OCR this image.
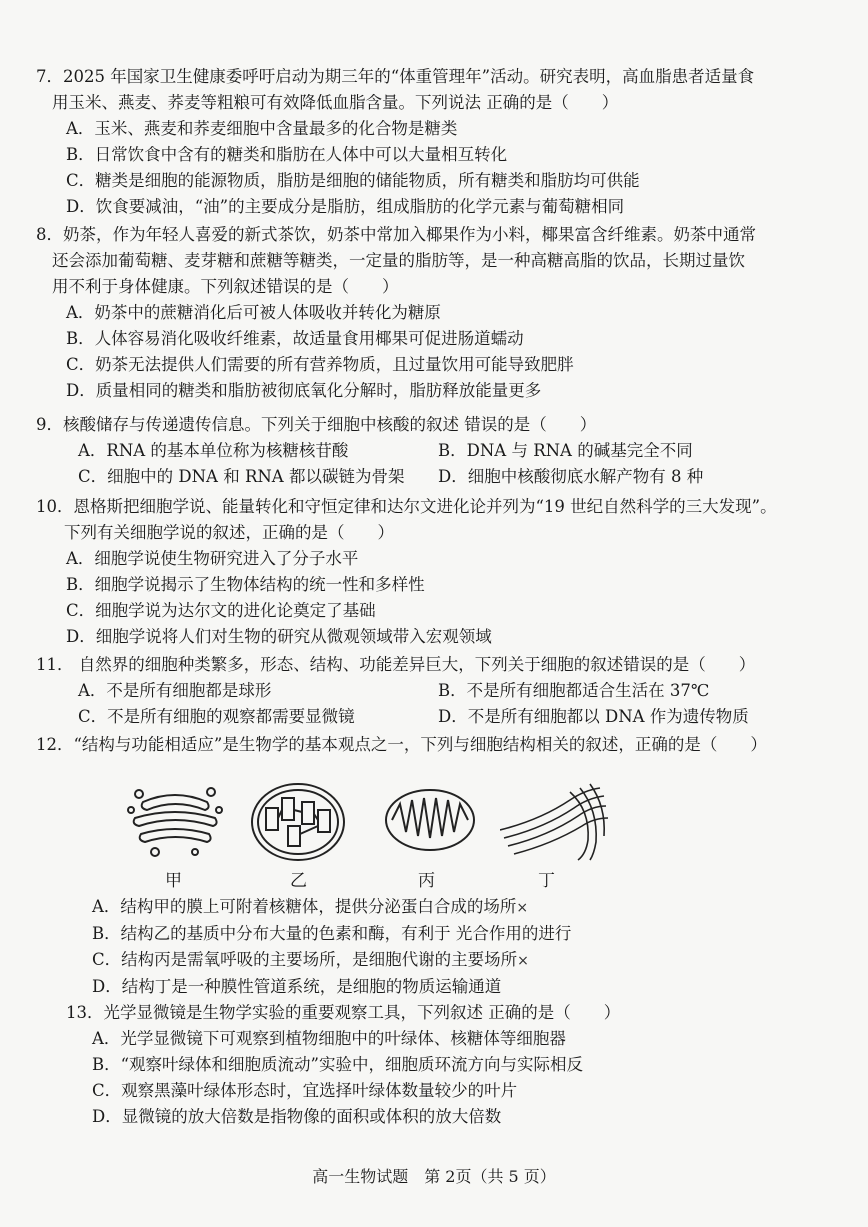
7．2025 年国家卫生健康委呼吁启动为期三年的“体重管理年”活动。研究表明，高血脂患者适量食

用玉米、燕麦、荞麦等粗粮可有效降低血脂含量。下列说法 正确的是（　　）

A．玉米、燕麦和荞麦细胞中含量最多的化合物是糖类

B．日常饮食中含有的糖类和脂肪在人体中可以大量相互转化

C．糖类是细胞的能源物质，脂肪是细胞的储能物质，所有糖类和脂肪均可供能

D．饮食要减油，“油”的主要成分是脂肪，组成脂肪的化学元素与葡萄糖相同

8．奶茶，作为年轻人喜爱的新式茶饮，奶茶中常加入椰果作为小料，椰果富含纤维素。奶茶中通常

还会添加葡萄糖、麦芽糖和蔗糖等糖类，一定量的脂肪等，是一种高糖高脂的饮品，长期过量饮

用不利于身体健康。下列叙述错误的是（　　）

A．奶茶中的蔗糖消化后可被人体吸收并转化为糖原

B．人体容易消化吸收纤维素，故适量食用椰果可促进肠道蠕动

C．奶茶无法提供人们需要的所有营养物质，且过量饮用可能导致肥胖

D．质量相同的糖类和脂肪被彻底氧化分解时，脂肪释放能量更多

9．核酸储存与传递遗传信息。下列关于细胞中核酸的叙述 错误的是（　　）

A．RNA 的基本单位称为核糖核苷酸	B．DNA 与 RNA 的碱基完全不同
C．细胞中的 DNA 和 RNA 都以碳链为骨架	D．细胞中核酸彻底水解产物有 8 种

10．恩格斯把细胞学说、能量转化和守恒定律和达尔文进化论并列为“19 世纪自然科学的三大发现”。

下列有关细胞学说的叙述，正确的是（　　）

A．细胞学说使生物研究进入了分子水平

B．细胞学说揭示了生物体结构的统一性和多样性

C．细胞学说为达尔文的进化论奠定了基础

D．细胞学说将人们对生物的研究从微观领域带入宏观领域

11． 自然界的细胞种类繁多，形态、结构、功能差异巨大，下列关于细胞的叙述错误的是（　　）

A．不是所有细胞都是球形	B．不是所有细胞都适合生活在 37℃
C．不是所有细胞的观察都需要显微镜	D．不是所有细胞都以 DNA 作为遗传物质

12．“结构与功能相适应”是生物学的基本观点之一，下列与细胞结构相关的叙述，正确的是（　　）

甲	乙	丙	丁

A．结构甲的膜上可附着核糖体，提供分泌蛋白合成的场所×

B．结构乙的基质中分布大量的色素和酶，有利于 光合作用的进行

C．结构丙是需氧呼吸的主要场所，是细胞代谢的主要场所×

D．结构丁是一种膜性管道系统，是细胞的物质运输通道

13．光学显微镜是生物学实验的重要观察工具，下列叙述 正确的是（　　）

A．光学显微镜下可观察到植物细胞中的叶绿体、核糖体等细胞器

B．“观察叶绿体和细胞质流动”实验中，细胞质环流方向与实际相反

C．观察黑藻叶绿体形态时，宜选择叶绿体数量较少的叶片

D．显微镜的放大倍数是指物像的面积或体积的放大倍数

高一生物试题　第 2页（共 5 页）
